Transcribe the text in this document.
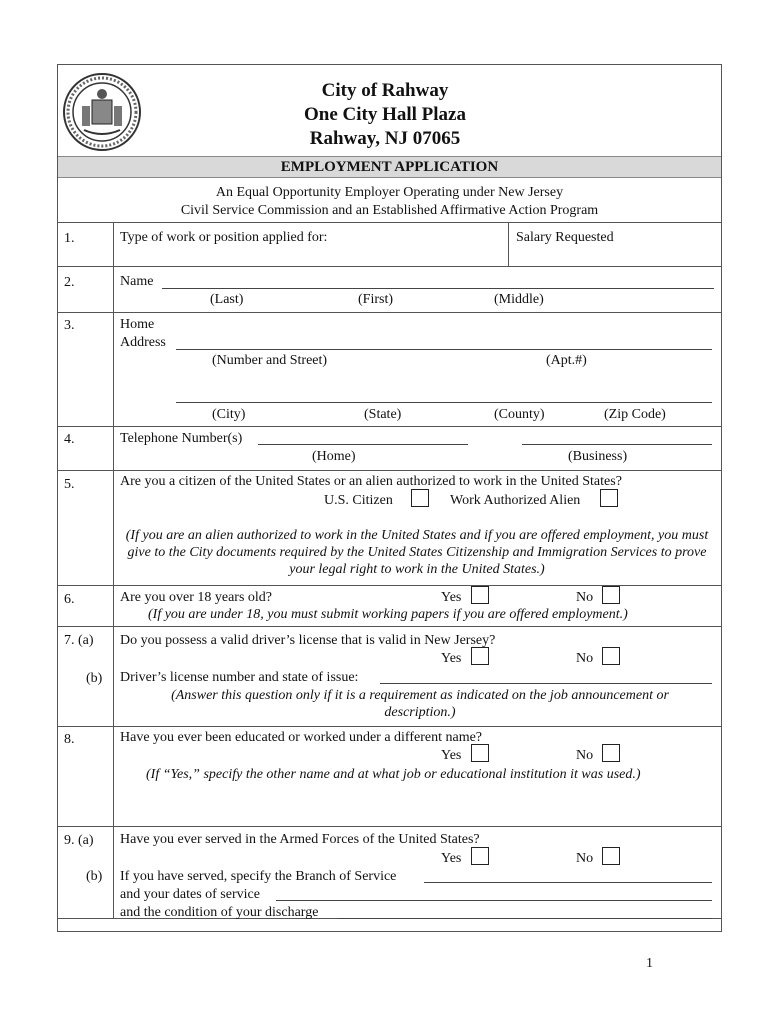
City of Rahway
One City Hall Plaza
Rahway, NJ 07065
EMPLOYMENT APPLICATION
An Equal Opportunity Employer Operating under New Jersey
Civil Service Commission and an Established Affirmative Action Program
1.	Type of work or position applied for:	Salary Requested
2.	Name
(Last)	(First)	(Middle)
3.	Home
Address
(Number and Street)	(Apt.#)
(City)	(State)	(County)	(Zip Code)
4.	Telephone Number(s)
(Home)	(Business)
5.	Are you a citizen of the United States or an alien authorized to work in the United States?
U.S. Citizen	Work Authorized Alien
(If you are an alien authorized to work in the United States and if you are offered employment, you must give to the City documents required by the United States Citizenship and Immigration Services to prove your legal right to work in the United States.)
6.	Are you over 18 years old?	Yes	No
(If you are under 18, you must submit working papers if you are offered employment.)
7. (a) Do you possess a valid driver’s license that is valid in New Jersey?
Yes	No
(b) Driver’s license number and state of issue:
(Answer this question only if it is a requirement as indicated on the job announcement or description.)
8.	Have you ever been educated or worked under a different name?
Yes	No
(If “Yes,” specify the other name and at what job or educational institution it was used.)
9. (a) Have you ever served in the Armed Forces of the United States?
Yes	No
(b) If you have served, specify the Branch of Service
and your dates of service
and the condition of your discharge
1
